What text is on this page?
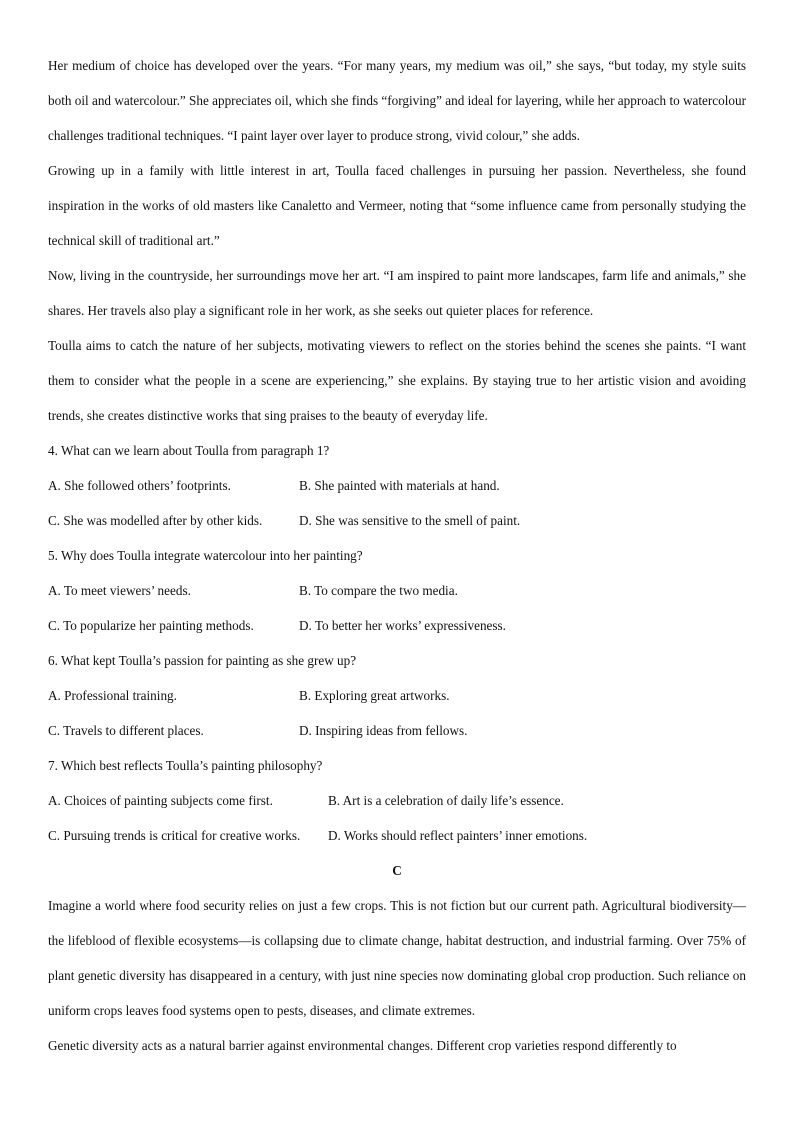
Her medium of choice has developed over the years. “For many years, my medium was oil,” she says, “but today, my style suits both oil and watercolour.” She appreciates oil, which she finds “forgiving” and ideal for layering, while her approach to watercolour challenges traditional techniques. “I paint layer over layer to produce strong, vivid colour,” she adds.

Growing up in a family with little interest in art, Toulla faced challenges in pursuing her passion. Nevertheless, she found inspiration in the works of old masters like Canaletto and Vermeer, noting that “some influence came from personally studying the technical skill of traditional art.”

Now, living in the countryside, her surroundings move her art. “I am inspired to paint more landscapes, farm life and animals,” she shares. Her travels also play a significant role in her work, as she seeks out quieter places for reference.

Toulla aims to catch the nature of her subjects, motivating viewers to reflect on the stories behind the scenes she paints. “I want them to consider what the people in a scene are experiencing,” she explains. By staying true to her artistic vision and avoiding trends, she creates distinctive works that sing praises to the beauty of everyday life.

4. What can we learn about Toulla from paragraph 1?

A. She followed others’ footprints.	B. She painted with materials at hand.
C. She was modelled after by other kids.	D. She was sensitive to the smell of paint.

5. Why does Toulla integrate watercolour into her painting?

A. To meet viewers’ needs.	B. To compare the two media.
C. To popularize her painting methods.	D. To better her works’ expressiveness.

6. What kept Toulla’s passion for painting as she grew up?

A. Professional training.	B. Exploring great artworks.
C. Travels to different places.	D. Inspiring ideas from fellows.

7. Which best reflects Toulla’s painting philosophy?

A. Choices of painting subjects come first.	B. Art is a celebration of daily life’s essence.
C. Pursuing trends is critical for creative works.	D. Works should reflect painters’ inner emotions.

C

Imagine a world where food security relies on just a few crops. This is not fiction but our current path. Agricultural biodiversity—the lifeblood of flexible ecosystems—is collapsing due to climate change, habitat destruction, and industrial farming. Over 75% of plant genetic diversity has disappeared in a century, with just nine species now dominating global crop production. Such reliance on uniform crops leaves food systems open to pests, diseases, and climate extremes.

Genetic diversity acts as a natural barrier against environmental changes. Different crop varieties respond differently to
